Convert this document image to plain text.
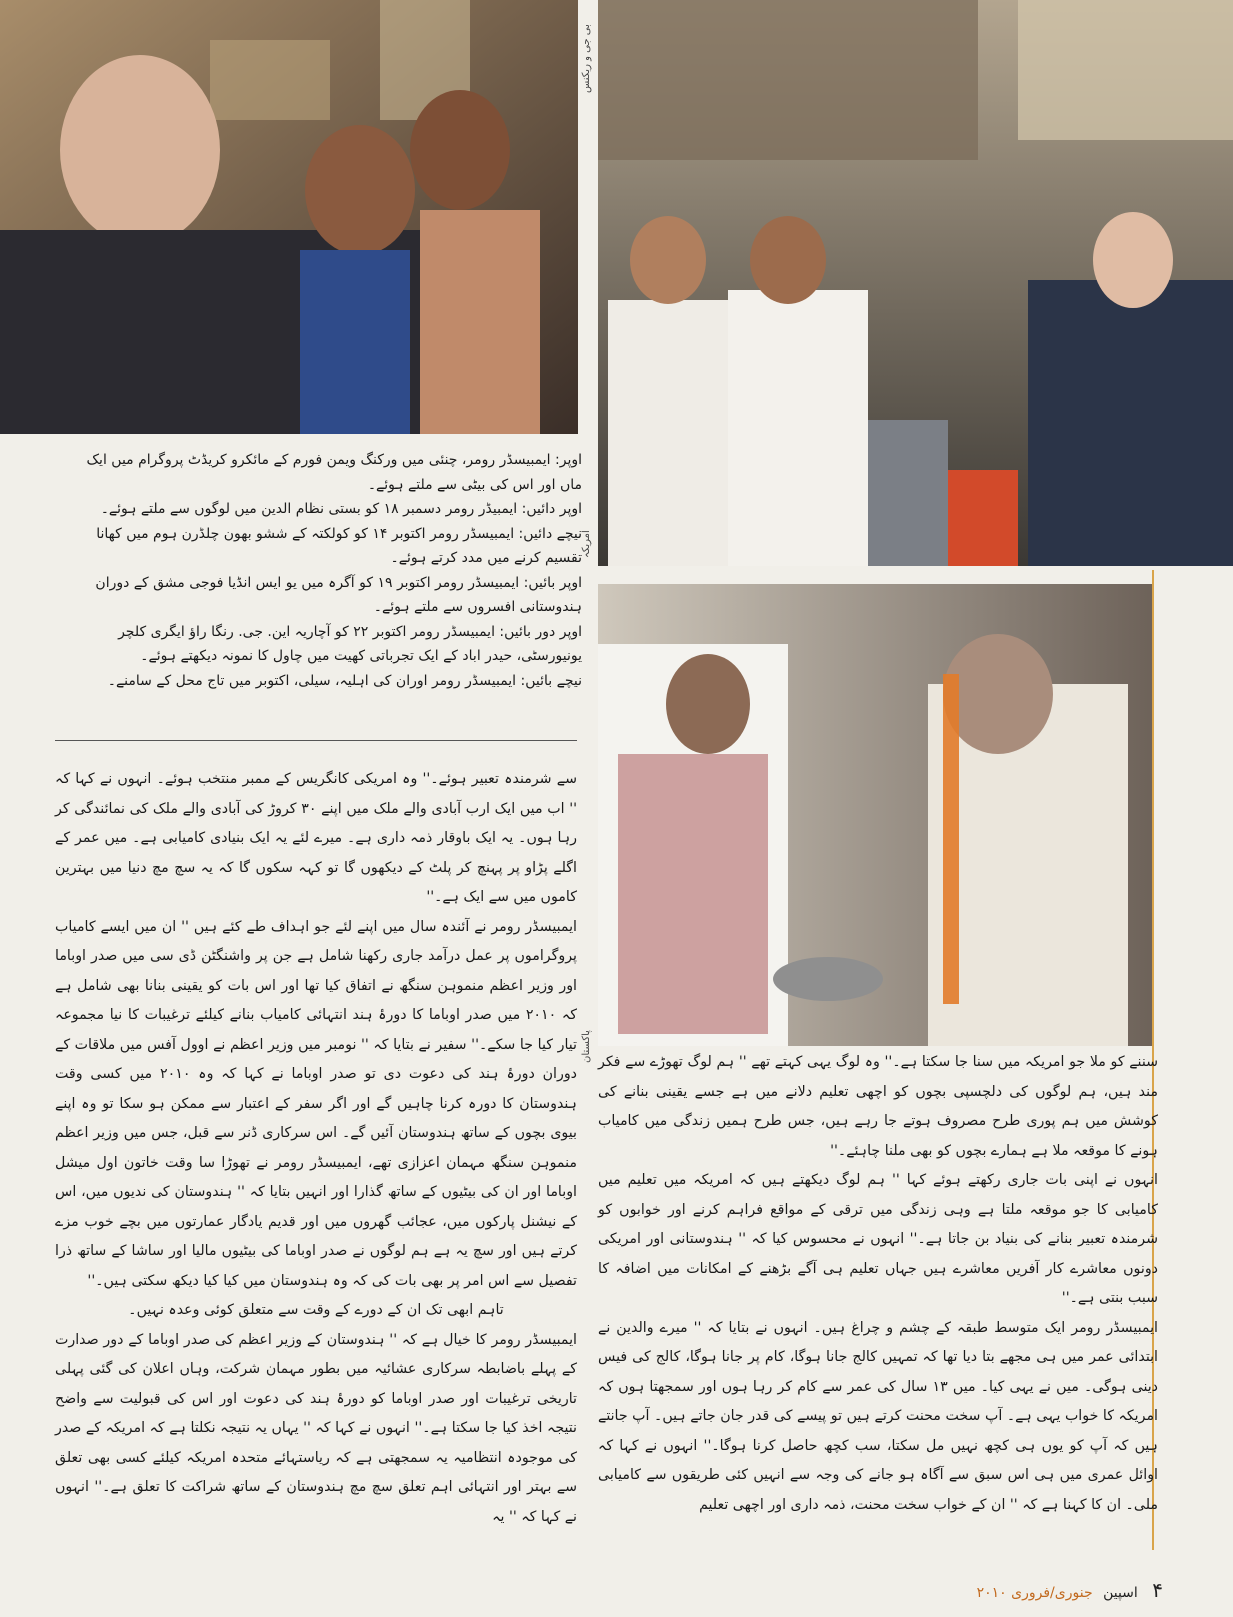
بی جی و ریکنس
امریکہ
پاکستان

اوپر: ایمبیسڈر رومر، چنئی میں ورکنگ ویمن فورم کے مائکرو کریڈٹ پروگرام میں ایک ماں اور اس کی بیٹی سے ملتے ہوئے۔

اوپر دائیں: ایمبیڈر رومر دسمبر ۱۸ کو بستی نظام الدین میں لوگوں سے ملتے ہوئے۔

نیچے دائیں: ایمبیسڈر رومر اکتوبر ۱۴ کو کولکتہ کے ششو بھون چلڈرن ہوم میں کھانا تقسیم کرنے میں مدد کرتے ہوئے۔

اوپر بائیں: ایمبیسڈر رومر اکتوبر ۱۹ کو آگرہ میں یو ایس انڈیا فوجی مشق کے دوران ہندوستانی افسروں سے ملتے ہوئے۔

اوپر دور بائیں: ایمبیسڈر رومر اکتوبر ۲۲ کو آچاریہ این. جی. رنگا راؤ ایگری کلچر یونیورسٹی، حیدر اباد کے ایک تجرباتی کھیت میں چاول کا نمونہ دیکھتے ہوئے۔

نیچے بائیں: ایمبیسڈر رومر اوران کی اہلیہ، سیلی، اکتوبر میں تاج محل کے سامنے۔

سے شرمندہ تعبیر ہوئے۔'' وہ امریکی کانگریس کے ممبر منتخب ہوئے۔ انہوں نے کہا کہ '' اب میں ایک ارب آبادی والے ملک میں اپنے ۳۰ کروڑ کی آبادی والے ملک کی نمائندگی کر رہا ہوں۔ یہ ایک باوقار ذمہ داری ہے۔ میرے لئے یہ ایک بنیادی کامیابی ہے۔ میں عمر کے اگلے پڑاو پر پہنچ کر پلٹ کے دیکھوں گا تو کہہ سکوں گا کہ یہ سچ مچ دنیا میں بہترین کاموں میں سے ایک ہے۔''

ایمبیسڈر رومر نے آئندہ سال میں اپنے لئے جو اہداف طے کئے ہیں '' ان میں ایسے کامیاب پروگراموں پر عمل درآمد جاری رکھنا شامل ہے جن پر واشنگٹن ڈی سی میں صدر اوباما اور وزیر اعظم منموہن سنگھ نے اتفاق کیا تھا اور اس بات کو یقینی بنانا بھی شامل ہے کہ ۲۰۱۰ میں صدر اوباما کا دورۂ ہند انتہائی کامیاب بنانے کیلئے ترغیبات کا نیا مجموعہ تیار کیا جا سکے۔'' سفیر نے بتایا کہ '' نومبر میں وزیر اعظم نے اوول آفس میں ملاقات کے دوران دورۂ ہند کی دعوت دی تو صدر اوباما نے کہا کہ وہ ۲۰۱۰ میں کسی وقت ہندوستان کا دورہ کرنا چاہیں گے اور اگر سفر کے اعتبار سے ممکن ہو سکا تو وہ اپنے بیوی بچوں کے ساتھ ہندوستان آئیں گے۔ اس سرکاری ڈنر سے قبل، جس میں وزیر اعظم منموہن سنگھ مہمان اعزازی تھے، ایمبیسڈر رومر نے تھوڑا سا وقت خاتون اول میشل اوباما اور ان کی بیٹیوں کے ساتھ گذارا اور انہیں بتایا کہ '' ہندوستان کی ندیوں میں، اس کے نیشنل پارکوں میں، عجائب گھروں میں اور قدیم یادگار عمارتوں میں بچے خوب مزے کرتے ہیں اور سچ یہ ہے ہم لوگوں نے صدر اوباما کی بیٹیوں مالیا اور ساشا کے ساتھ ذرا تفصیل سے اس امر پر بھی بات کی کہ وہ ہندوستان میں کیا کیا دیکھ سکتی ہیں۔''

تاہم ابھی تک ان کے دورے کے وقت سے متعلق کوئی وعدہ نہیں۔

ایمبیسڈر رومر کا خیال ہے کہ '' ہندوستان کے وزیر اعظم کی صدر اوباما کے دور صدارت کے پہلے باضابطہ سرکاری عشائیہ میں بطور مہمان شرکت، وہاں اعلان کی گئی پہلی تاریخی ترغیبات اور صدر اوباما کو دورۂ ہند کی دعوت اور اس کی قبولیت سے واضح نتیجہ اخذ کیا جا سکتا ہے۔'' انہوں نے کہا کہ '' یہاں یہ نتیجہ نکلتا ہے کہ امریکہ کے صدر کی موجودہ انتظامیہ یہ سمجھتی ہے کہ ریاستہائے متحدہ امریکہ کیلئے کسی بھی تعلق سے بہتر اور انتہائی اہم تعلق سچ مچ ہندوستان کے ساتھ شراکت کا تعلق ہے۔'' انہوں نے کہا کہ '' یہ

سننے کو ملا جو امریکہ میں سنا جا سکتا ہے۔'' وہ لوگ یہی کہتے تھے '' ہم لوگ تھوڑے سے فکر مند ہیں، ہم لوگوں کی دلچسپی بچوں کو اچھی تعلیم دلانے میں ہے جسے یقینی بنانے کی کوشش میں ہم پوری طرح مصروف ہوتے جا رہے ہیں، جس طرح ہمیں زندگی میں کامیاب ہونے کا موقعہ ملا ہے ہمارے بچوں کو بھی ملنا چاہئے۔''

انہوں نے اپنی بات جاری رکھتے ہوئے کہا '' ہم لوگ دیکھتے ہیں کہ امریکہ میں تعلیم میں کامیابی کا جو موقعہ ملتا ہے وہی زندگی میں ترقی کے مواقع فراہم کرنے اور خوابوں کو شرمندہ تعبیر بنانے کی بنیاد بن جاتا ہے۔'' انہوں نے محسوس کیا کہ '' ہندوستانی اور امریکی دونوں معاشرے کار آفریں معاشرے ہیں جہاں تعلیم ہی آگے بڑھنے کے امکانات میں اضافہ کا سبب بنتی ہے۔''

ایمبیسڈر رومر ایک متوسط طبقہ کے چشم و چراغ ہیں۔ انہوں نے بتایا کہ '' میرے والدین نے ابتدائی عمر میں ہی مجھے بتا دیا تھا کہ تمہیں کالج جانا ہوگا، کام پر جانا ہوگا، کالج کی فیس دینی ہوگی۔ میں نے یہی کیا۔ میں ۱۳ سال کی عمر سے کام کر رہا ہوں اور سمجھتا ہوں کہ امریکہ کا خواب یہی ہے۔ آپ سخت محنت کرتے ہیں تو پیسے کی قدر جان جاتے ہیں۔ آپ جانتے ہیں کہ آپ کو یوں ہی کچھ نہیں مل سکتا، سب کچھ حاصل کرنا ہوگا۔'' انہوں نے کہا کہ اوائل عمری میں ہی اس سبق سے آگاہ ہو جانے کی وجہ سے انہیں کئی طریقوں سے کامیابی ملی۔ ان کا کہنا ہے کہ '' ان کے خواب سخت محنت، ذمہ داری اور اچھی تعلیم

۴ اسپین جنوری/فروری ۲۰۱۰
